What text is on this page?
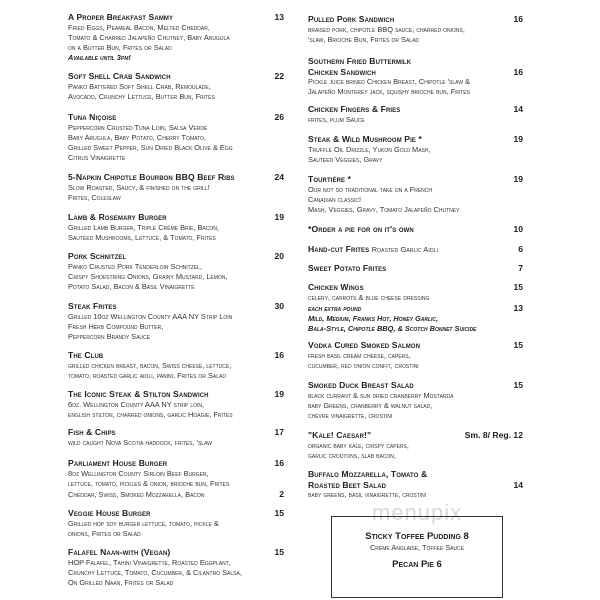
menupix
A Proper Breakfast Sammy	13
Fried Eggs, Peameal Bacon, Melted Cheddar,
Tomato & Charred Jalapeño Chutney, Baby Arugula
on a Butter Bun, Frites or Salad
Available until 3pm!
Soft Shell Crab Sandwich	22
Panko Battered Soft Shell Crab, Remoulade,
Avocado, Crunchy Lettuce, Butter Bun, Frites
Tuna Niçoise	26
Peppercorn Crusted Tuna Loin, Salsa Verde
Baby Arugula, Baby Potato, Cherry Tomato,
Grilled Sweet Pepper, Sun Dried Black Olive & Egg
Citrus Vinaigrette
5-Napkin Chipotle Bourbon BBQ Beef Ribs	24
Slow Roasted, Saucy, & finished on the grill!
Frites, Coleslaw
Lamb & Rosemary Burger	19
Grilled Lamb Burger, Triple Crème Brie, Bacon,
Sautéed Mushrooms, Lettuce, & Tomato, Frites
Pork Schnitzel	20
Panko Crusted Pork Tenderloin Schnitzel,
Crispy Shoestring Onions, Grainy Mustard, Lemon,
Potato Salad, Bacon & Basil Vinaigrette
Steak Frites	30
Grilled 10oz Wellington County AAA NY Strip Loin
Fresh Herb Compound Butter,
Peppercorn Brandy Sauce
The Club	16
grilled chicken breast, bacon, Swiss cheese, lettuce,
tomato, roasted garlic aioli, panini, Frites or Salad
The Iconic Steak & Stilton Sandwich	19
6oz. Wellington County AAA NY strip loin,
english stilton, charred onions, garlic Hoagie, Frites
Fish & Chips	17
wild caught Nova Scotia haddock, frites, 'slaw
Parliament House Burger	16
8oz Wellington County Sirloin Beef Burger,
lettuce, tomato, pickles & onion, brioche bun, Frites
Cheddar, Swiss, Smoked Mozzarella, Bacon	2
Veggie House Burger	15
Grilled hop soy burger lettuce, tomato, pickle &
onions, Frites or Salad
Falafel Naan-with (Vegan)	15
HOP Falafel, Tahini Vinaigrette, Roasted Eggplant,
Crunchy Lettuce, Tomato, Cucumber, & Cilantro Salsa,
On Grilled Naan, Frites or Salad
Pulled Pork Sandwich	16
braised pork, chipotle BBQ sauce, charred onions,
'slaw, Brioche Bun, Frites or Salad
Southern Fried Buttermilk
Chicken Sandwich	16
Pickle juice brined Chicken Breast, Chipotle 'slaw &
Jalapeño Monterey jack, squishy brioche bun, Frites
Chicken Fingers & Fries	14
frites, plum Sauce
Steak & Wild Mushroom Pie *	19
Truffle Oil Drizzle, Yukon Gold Mash,
Sautéed Veggies, Gravy
Tourtière *	19
Our not so traditional take on a French
Canadian classic!
Mash, Veggies, Gravy, Tomato Jalapeño Chutney
*Order a pie for on it's own	10
Hand-cut Frites Roasted Garlic Aioli	6
Sweet Potato Frites	7
Chicken Wings	15
celery, carrots & blue cheese dressing
each extra pound	13
Mild, Medium, Franks Hot, Honey Garlic,
Bala-Style, Chipotle BBQ, & Scotch Bonnet Suicide
Vodka Cured Smoked Salmon	15
fresh basil cream cheese, capers,
cucumber, red onion confit, crostini
Smoked Duck Breast Salad	15
black currant & sun dried cranberry Mostarda
baby Greens, cranberry & walnut salad,
chèvre vinaigrette, crostini
"Kale! Caesar!"	Sm. 8/ Reg. 12
organic baby kale, crispy capers,
garlic croutons, slab bacon,
Buffalo Mozzarella, Tomato &
Roasted Beet Salad	14
baby greens, basil vinaigrette, crostini
Sticky Toffee Pudding 8
Crème Anglaise, Toffee Sauce
Pecan Pie 6
